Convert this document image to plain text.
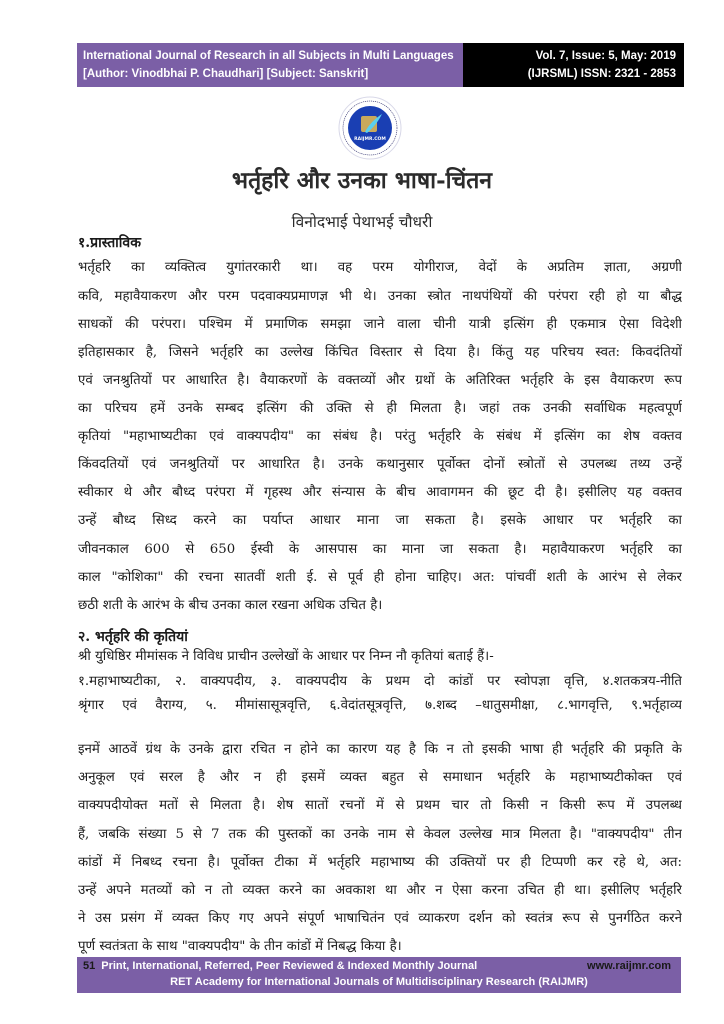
International Journal of Research in all Subjects in Multi Languages
[Author: Vinodbhai P. Chaudhari] [Subject: Sanskrit]
Vol. 7, Issue: 5, May: 2019
(IJRSML) ISSN: 2321 - 2853
RAIJMR.COM
भर्तृहरि और उनका भाषा-चिंतन
विनोदभाई पेथाभई चौधरी
१.प्रास्ताविक
भर्तृहरि का व्यक्तित्व युगांतरकारी था। वह परम योगीराज, वेदों के अप्रतिम ज्ञाता, अग्रणी
कवि, महावैयाकरण और परम पदवाक्यप्रमाणज्ञ भी थे। उनका स्त्रोत नाथपंथियों की परंपरा रही हो या बौद्ध
साधकों की परंपरा। पश्चिम में प्रमाणिक समझा जाने वाला चीनी यात्री इत्सिंग ही एकमात्र ऐसा विदेशी
इतिहासकार है, जिसने भर्तृहरि का उल्लेख किंचित विस्तार से दिया है। किंतु यह परिचय स्वत: किवदंतियों
एवं जनश्रुतियों पर आधारित है। वैयाकरणों के वक्तव्यों और ग्रथों के अतिरिक्त भर्तृहरि के इस वैयाकरण रूप
का परिचय हमें उनके सम्बद इत्सिंग की उक्ति से ही मिलता है। जहां तक उनकी सर्वाधिक महत्वपूर्ण
कृतियां "महाभाष्यटीका एवं वाक्यपदीय" का संबंध है। परंतु भर्तृहरि के संबंध में इत्सिंग का शेष वक्तव
किंवदतियों एवं जनश्रुतियों पर आधारित है। उनके कथानुसार पूर्वोक्त दोनों स्त्रोतों से उपलब्ध तथ्य उन्हें
स्वीकार थे और बौध्द परंपरा में गृहस्थ और संन्यास के बीच आवागमन की छूट दी है। इसीलिए यह वक्तव
उन्हें बौध्द सिध्द करने का पर्याप्त आधार माना जा सकता है। इसके आधार पर भर्तृहरि का
जीवनकाल 600 से 650 ईस्वी के आसपास का माना जा सकता है। महावैयाकरण भर्तृहरि का
काल "कोशिका" की रचना सातवीं शती ई. से पूर्व ही होना चाहिए। अत: पांचवीं शती के आरंभ से लेकर
छठी शती के आरंभ के बीच उनका काल रखना अधिक उचित है।
२. भर्तृहरि की कृतियां
श्री युधिष्ठिर मीमांसक ने विविध प्राचीन उल्लेखों के आधार पर निम्न नौ कृतियां बताई हैं।-
१.महाभाष्यटीका, २. वाक्यपदीय, ३. वाक्यपदीय के प्रथम दो कांडों पर स्वोपज्ञा वृत्ति, ४.शतकत्रय-नीति
श्रृंगार एवं वैराग्य, ५. मीमांसासूत्रवृत्ति, ६.वेदांतसूत्रवृत्ति, ७.शब्द –धातुसमीक्षा, ८.भागवृत्ति, ९.भर्तृहाव्य
इनमें आठवें ग्रंथ के उनके द्वारा रचित न होने का कारण यह है कि न तो इसकी भाषा ही भर्तृहरि की प्रकृति के
अनुकूल एवं सरल है और न ही इसमें व्यक्त बहुत से समाधान भर्तृहरि के महाभाष्यटीकोक्त एवं
वाक्यपदीयोक्त मतों से मिलता है। शेष सातों रचनों में से प्रथम चार तो किसी न किसी रूप में उपलब्ध
हैं, जबकि संख्या 5 से 7 तक की पुस्तकों का उनके नाम से केवल उल्लेख मात्र मिलता है। "वाक्यपदीय" तीन
कांडों में निबध्द रचना है। पूर्वोक्त टीका में भर्तृहरि महाभाष्य की उक्तियों पर ही टिप्पणी कर रहे थे, अत:
उन्हें अपने मतव्यों को न तो व्यक्त करने का अवकाश था और न ऐसा करना उचित ही था। इसीलिए भर्तृहरि
ने उस प्रसंग में व्यक्त किए गए अपने संपूर्ण भाषाचितंन एवं व्याकरण दर्शन को स्वतंत्र रूप से पुनर्गठित करने
पूर्ण स्वतंत्रता के साथ "वाक्यपदीय" के तीन कांडों में निबद्ध किया है।
51 Print, International, Referred, Peer Reviewed & Indexed Monthly Journal	www.raijmr.com
RET Academy for International Journals of Multidisciplinary Research (RAIJMR)
